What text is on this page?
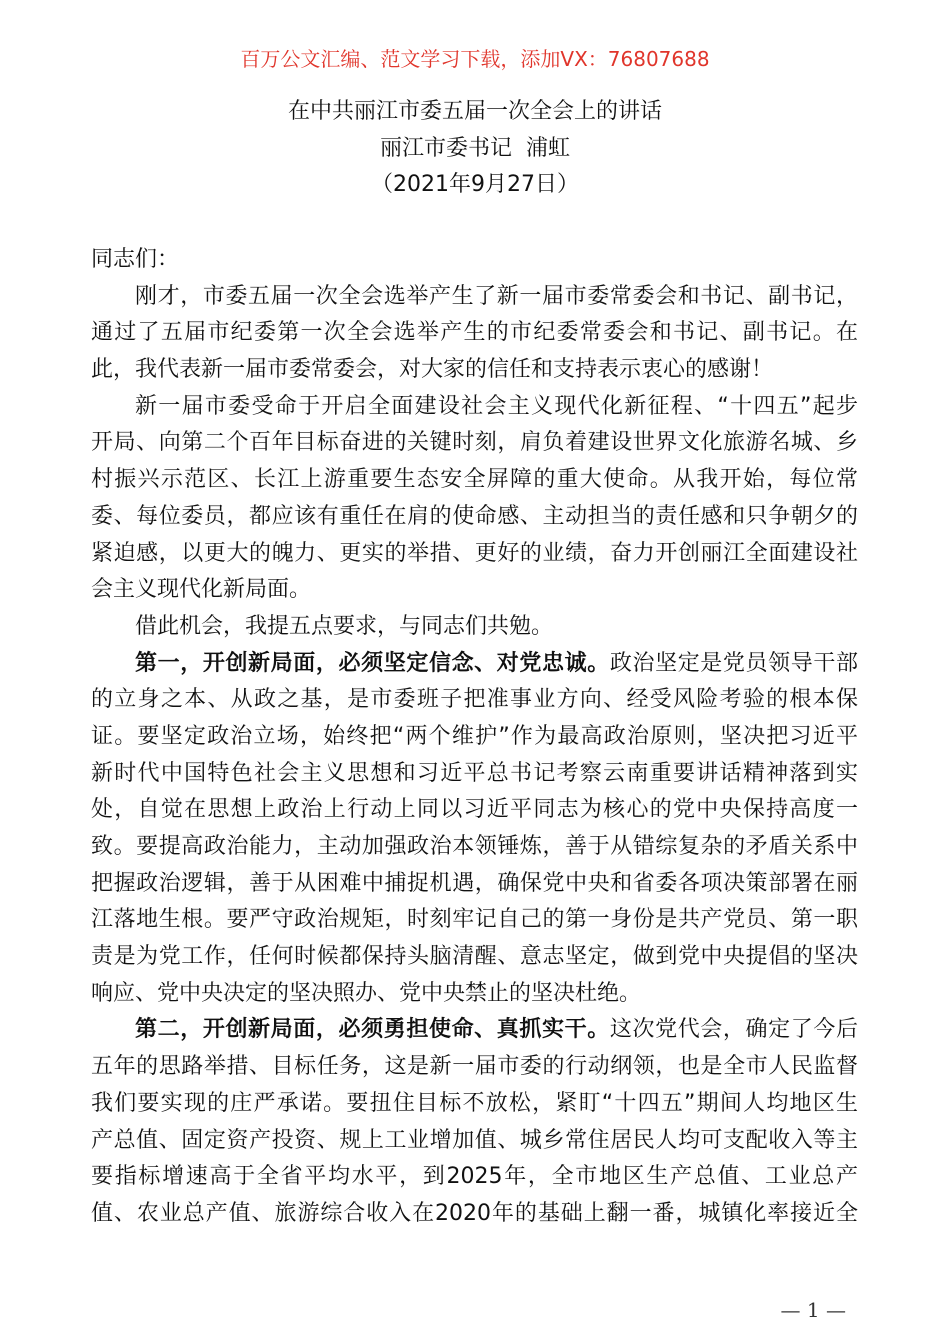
百万公文汇编、范文学习下载，添加VX：76807688
在中共丽江市委五届一次全会上的讲话
丽江市委书记  浦虹
（2021年9月27日）
同志们：
刚才，市委五届一次全会选举产生了新一届市委常委会和书记、副书记，
通过了五届市纪委第一次全会选举产生的市纪委常委会和书记、副书记。在
此，我代表新一届市委常委会，对大家的信任和支持表示衷心的感谢！
新一届市委受命于开启全面建设社会主义现代化新征程、“十四五”起步
开局、向第二个百年目标奋进的关键时刻，肩负着建设世界文化旅游名城、乡
村振兴示范区、长江上游重要生态安全屏障的重大使命。从我开始，每位常
委、每位委员，都应该有重任在肩的使命感、主动担当的责任感和只争朝夕的
紧迫感，以更大的魄力、更实的举措、更好的业绩，奋力开创丽江全面建设社
会主义现代化新局面。
借此机会，我提五点要求，与同志们共勉。
第一，开创新局面，必须坚定信念、对党忠诚。政治坚定是党员领导干部
的立身之本、从政之基，是市委班子把准事业方向、经受风险考验的根本保
证。要坚定政治立场，始终把“两个维护”作为最高政治原则，坚决把习近平
新时代中国特色社会主义思想和习近平总书记考察云南重要讲话精神落到实
处，自觉在思想上政治上行动上同以习近平同志为核心的党中央保持高度一
致。要提高政治能力，主动加强政治本领锤炼，善于从错综复杂的矛盾关系中
把握政治逻辑，善于从困难中捕捉机遇，确保党中央和省委各项决策部署在丽
江落地生根。要严守政治规矩，时刻牢记自己的第一身份是共产党员、第一职
责是为党工作，任何时候都保持头脑清醒、意志坚定，做到党中央提倡的坚决
响应、党中央决定的坚决照办、党中央禁止的坚决杜绝。
第二，开创新局面，必须勇担使命、真抓实干。这次党代会，确定了今后
五年的思路举措、目标任务，这是新一届市委的行动纲领，也是全市人民监督
我们要实现的庄严承诺。要扭住目标不放松，紧盯“十四五”期间人均地区生
产总值、固定资产投资、规上工业增加值、城乡常住居民人均可支配收入等主
要指标增速高于全省平均水平，到2025年，全市地区生产总值、工业总产
值、农业总产值、旅游综合收入在2020年的基础上翻一番，城镇化率接近全
— 1 —
